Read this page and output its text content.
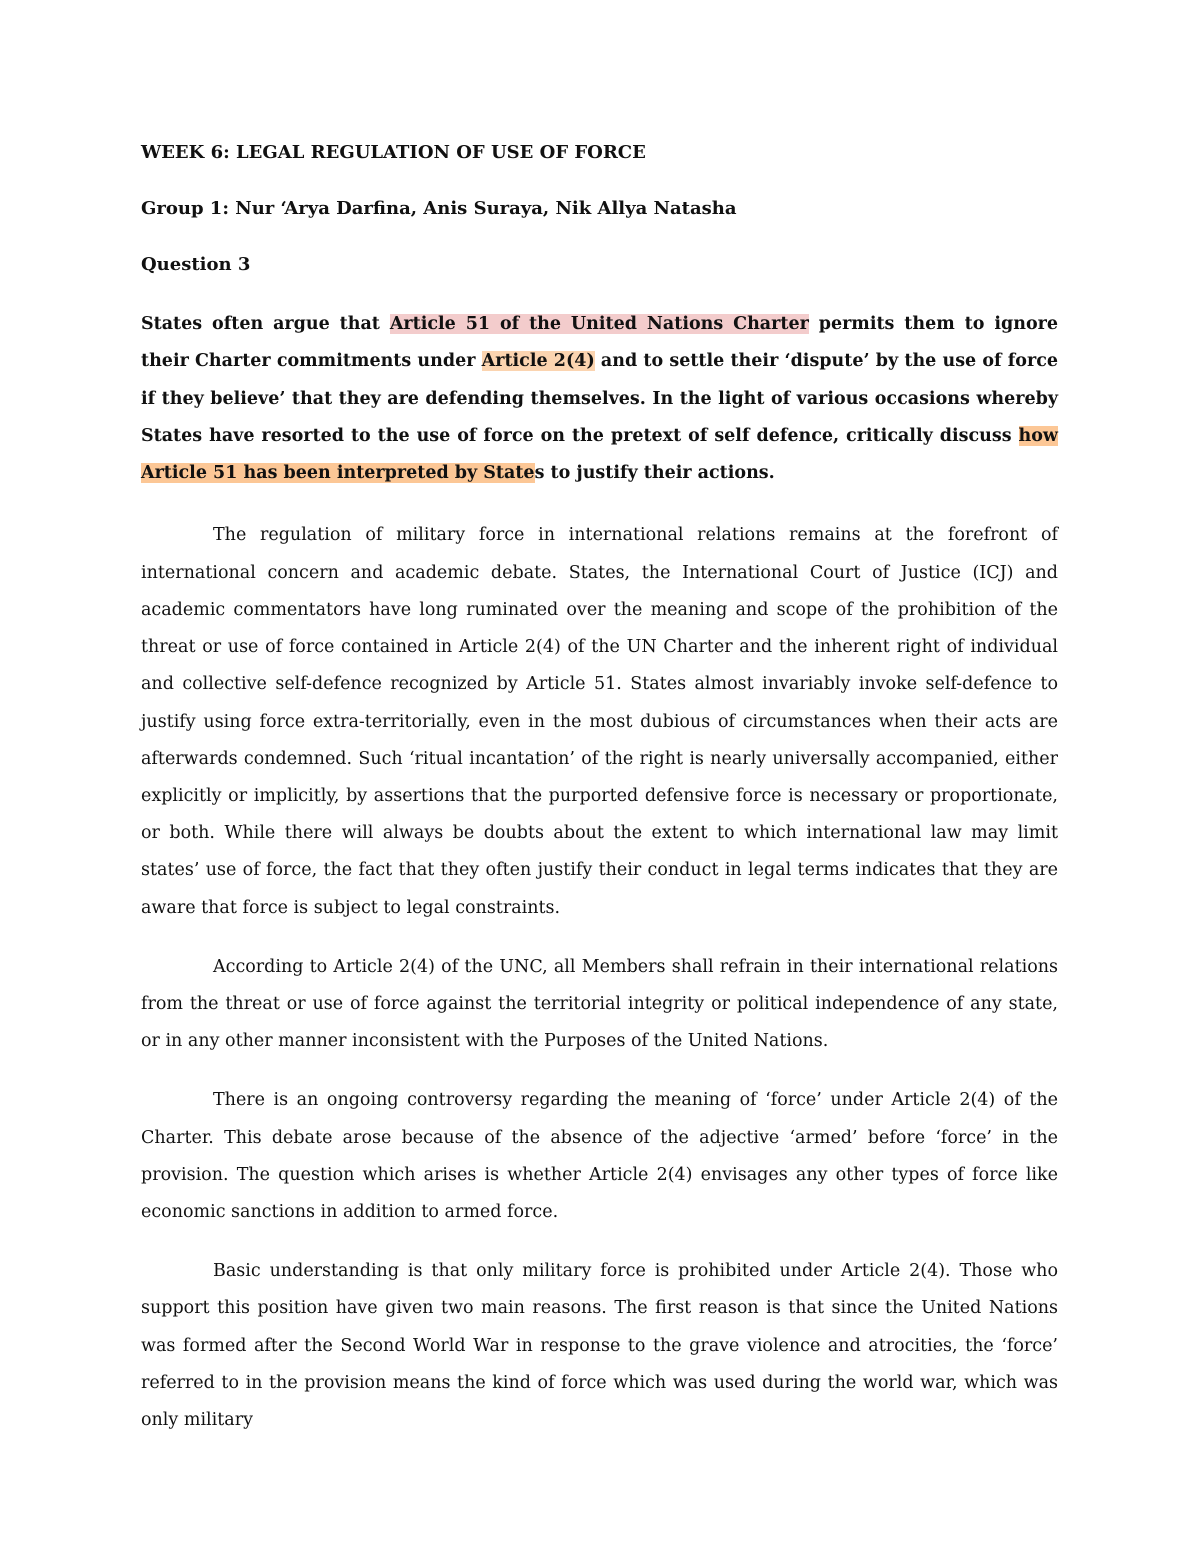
WEEK 6: LEGAL REGULATION OF USE OF FORCE
Group 1: Nur ‘Arya Darfina, Anis Suraya, Nik Allya Natasha
Question 3
States often argue that Article 51 of the United Nations Charter permits them to ignore their Charter commitments under Article 2(4) and to settle their ‘dispute’ by the use of force if they believe’ that they are defending themselves. In the light of various occasions whereby States have resorted to the use of force on the pretext of self defence, critically discuss how Article 51 has been interpreted by States to justify their actions.

The regulation of military force in international relations remains at the forefront of international concern and academic debate. States, the International Court of Justice (ICJ) and academic commentators have long ruminated over the meaning and scope of the prohibition of the threat or use of force contained in Article 2(4) of the UN Charter and the inherent right of individual and collective self-defence recognized by Article 51. States almost invariably invoke self-defence to justify using force extra-territorially, even in the most dubious of circumstances when their acts are afterwards condemned. Such ‘ritual incantation’ of the right is nearly universally accompanied, either explicitly or implicitly, by assertions that the purported defensive force is necessary or proportionate, or both. While there will always be doubts about the extent to which international law may limit states’ use of force, the fact that they often justify their conduct in legal terms indicates that they are aware that force is subject to legal constraints.

According to Article 2(4) of the UNC, all Members shall refrain in their international relations from the threat or use of force against the territorial integrity or political independence of any state, or in any other manner inconsistent with the Purposes of the United Nations.

There is an ongoing controversy regarding the meaning of ‘force’ under Article 2(4) of the Charter. This debate arose because of the absence of the adjective ‘armed’ before ‘force’ in the provision. The question which arises is whether Article 2(4) envisages any other types of force like economic sanctions in addition to armed force.

Basic understanding is that only military force is prohibited under Article 2(4). Those who support this position have given two main reasons. The first reason is that since the United Nations was formed after the Second World War in response to the grave violence and atrocities, the ‘force’ referred to in the provision means the kind of force which was used during the world war, which was only military
